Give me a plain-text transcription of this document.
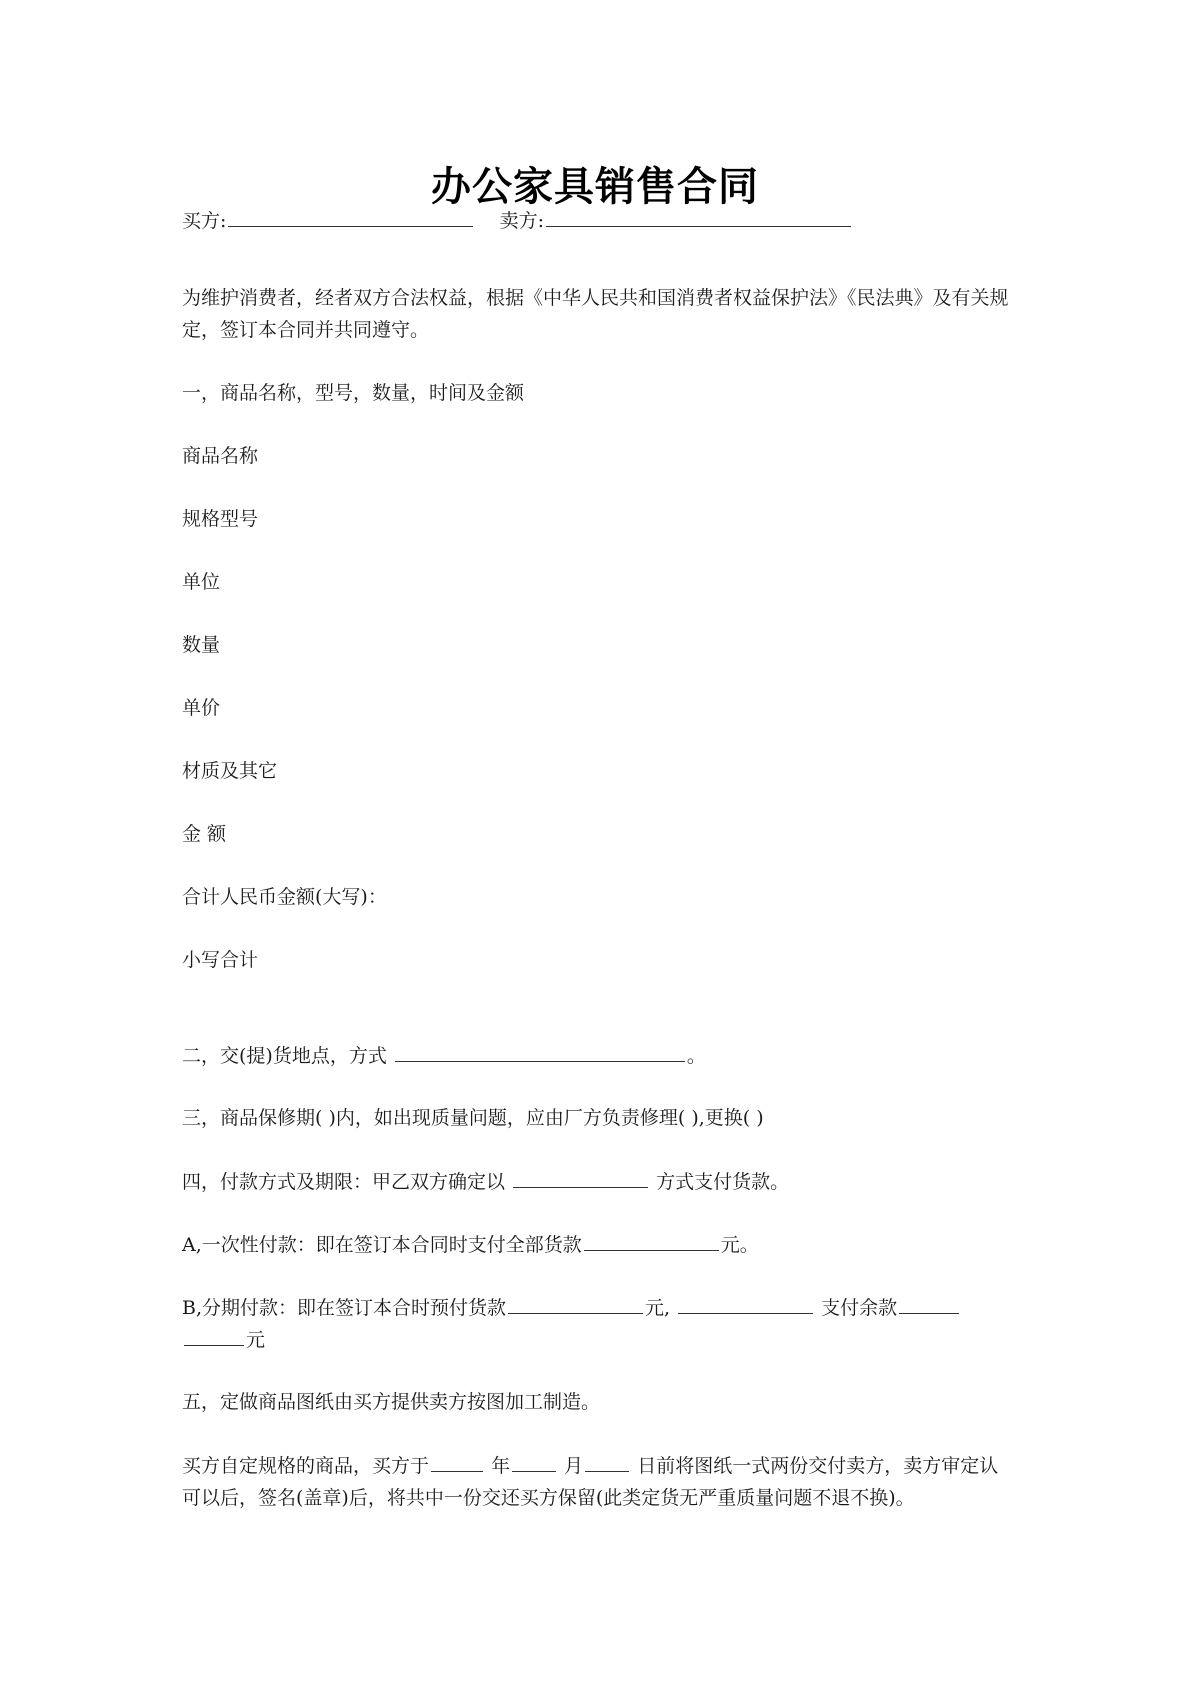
办公家具销售合同
买方:	卖方:
为维护消费者，经者双方合法权益，根据《中华人民共和国消费者权益保护法》《民法典》及有关规定，签订本合同并共同遵守。
一，商品名称，型号，数量，时间及金额
商品名称
规格型号
单位
数量
单价
材质及其它
金 额
合计人民币金额(大写)：
小写合计
二，交(提)货地点，方式	。
三，商品保修期( )内，如出现质量问题，应由厂方负责修理( ),更换( )
四，付款方式及期限：甲乙双方确定以	方式支付货款。
A,一次性付款：即在签订本合同时支付全部货款	元。
B,分期付款：即在签订本合时预付货款	元,	支付余款
元
五，定做商品图纸由买方提供卖方按图加工制造。
买方自定规格的商品，买方于	年	月	日前将图纸一式两份交付卖方，卖方审定认可以后，签名(盖章)后，将共中一份交还买方保留(此类定货无严重质量问题不退不换)。
